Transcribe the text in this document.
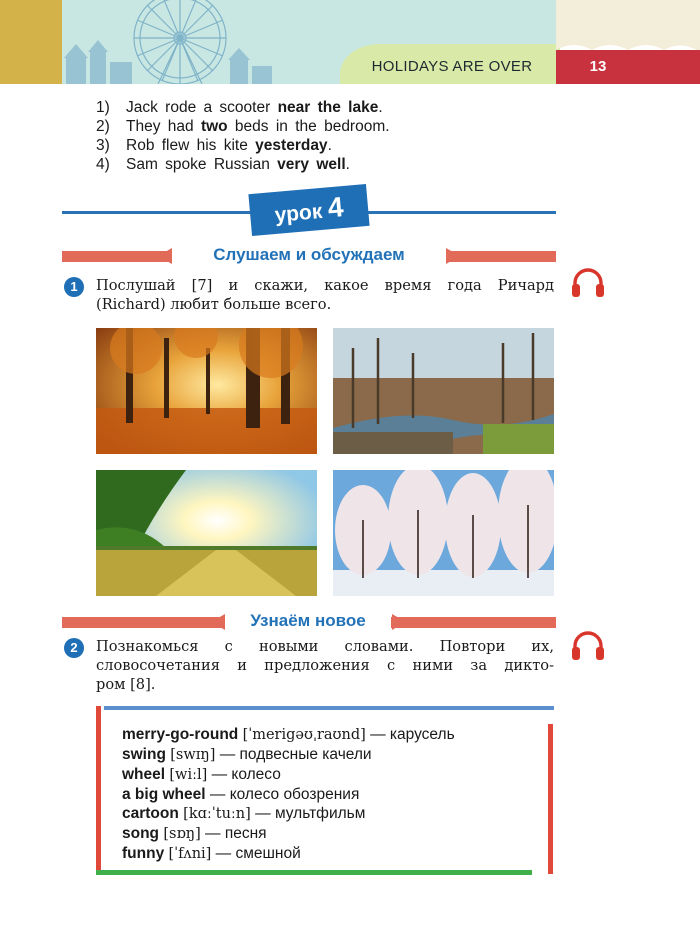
HOLIDAYS ARE OVER	13
1) Jack rode a scooter near the lake.
2) They had two beds in the bedroom.
3) Rob flew his kite yesterday.
4) Sam spoke Russian very well.
урок 4
Слушаем и обсуждаем
1	Послушай [7] и скажи, какое время года Ричард
(Richard) любит больше всего.
Узнаём новое
2	Познакомься с новыми словами. Повтори их,
словосочетания и предложения с ними за дикто-
ром [8].
merry-go-round [ˈmerigəʊˌraʊnd] — карусель
swing [swɪŋ] — подвесные качели
wheel [wiːl] — колесо
a big wheel — колесо обозрения
cartoon [kɑːˈtuːn] — мультфильм
song [sɒŋ] — песня
funny [ˈfʌni] — смешной
